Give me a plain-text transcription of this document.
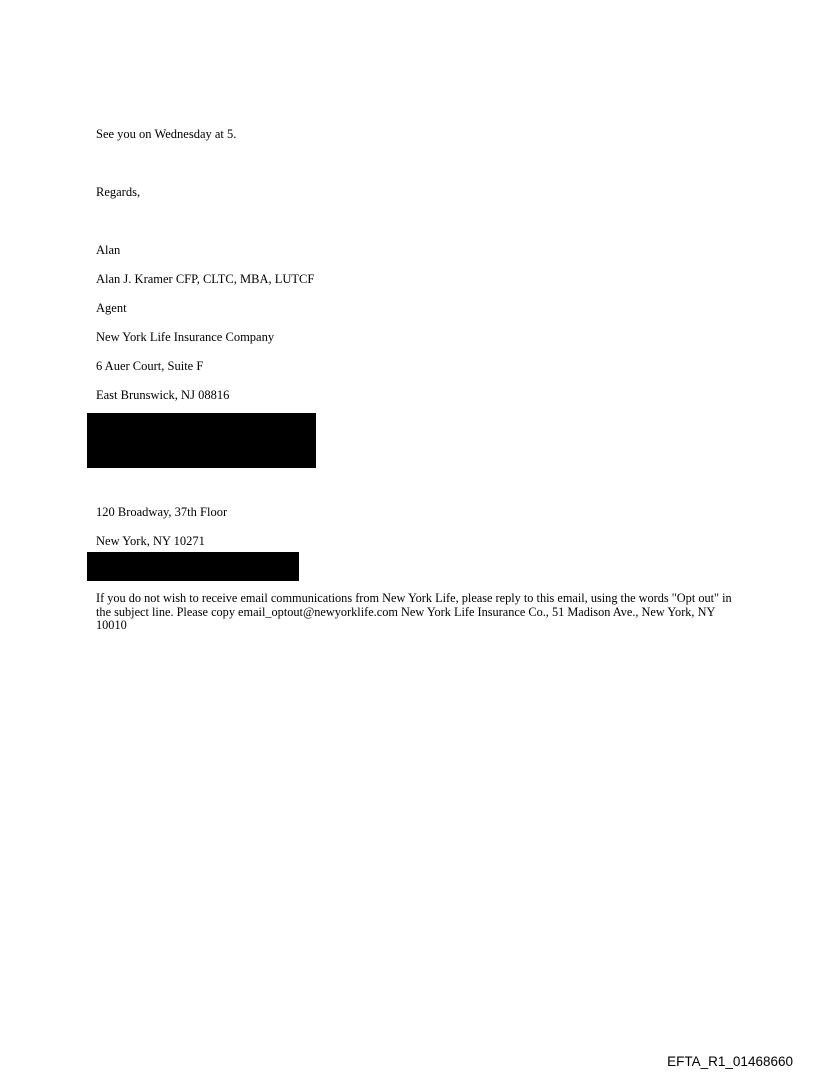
See you on Wednesday at 5.
Regards,
Alan
Alan J. Kramer CFP, CLTC, MBA, LUTCF
Agent
New York Life Insurance Company
6 Auer Court, Suite F
East Brunswick, NJ 08816
120 Broadway, 37th Floor
New York, NY 10271
If you do not wish to receive email communications from New York Life, please reply to this email, using the words "Opt out" in the subject line. Please copy email_optout@newyorklife.com New York Life Insurance Co., 51 Madison Ave., New York, NY 10010
EFTA_R1_01468660
